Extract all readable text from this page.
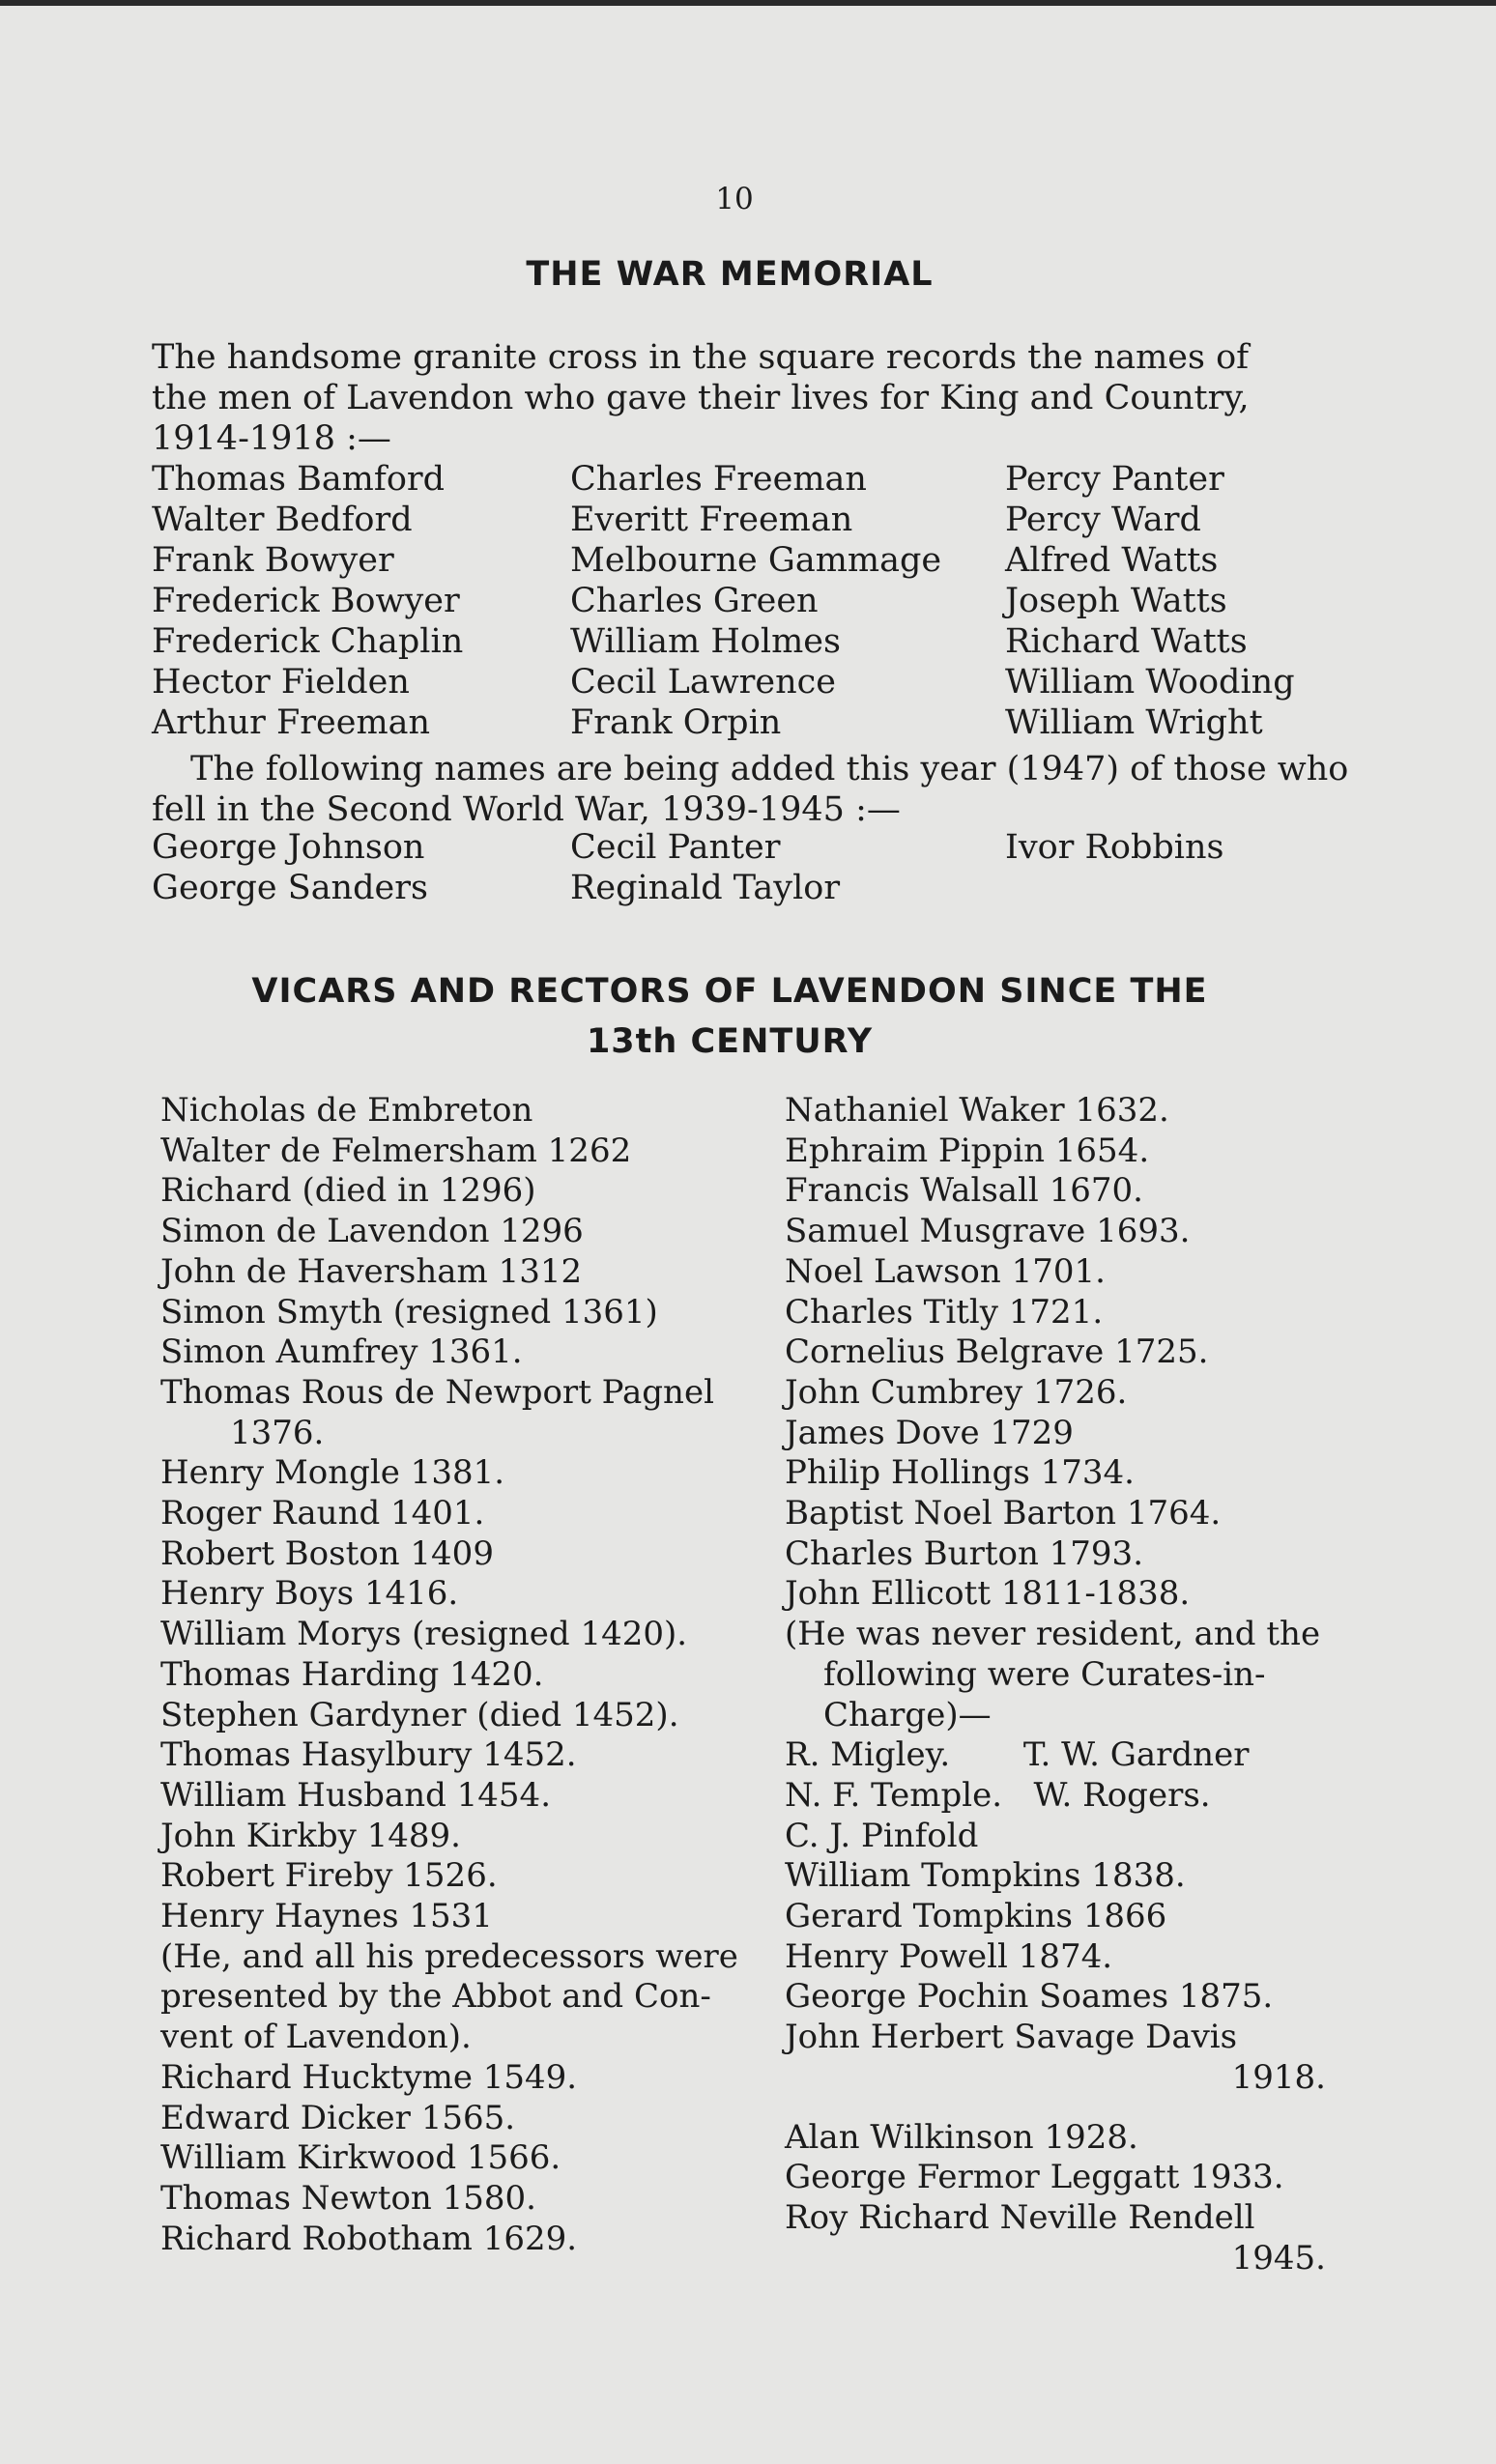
10
THE WAR MEMORIAL
The handsome granite cross in the square records the names of
the men of Lavendon who gave their lives for King and Country,
1914-1918 :—
Thomas Bamford
Walter Bedford
Frank Bowyer
Frederick Bowyer
Frederick Chaplin
Hector Fielden
Arthur Freeman
Charles Freeman
Everitt Freeman
Melbourne Gammage
Charles Green
William Holmes
Cecil Lawrence
Frank Orpin
Percy Panter
Percy Ward
Alfred Watts
Joseph Watts
Richard Watts
William Wooding
William Wright
The following names are being added this year (1947) of those who
fell in the Second World War, 1939-1945 :—
George Johnson
George Sanders
Cecil Panter
Reginald Taylor
Ivor Robbins
VICARS AND RECTORS OF LAVENDON SINCE THE
13th CENTURY
Nicholas de Embreton
Walter de Felmersham 1262
Richard (died in 1296)
Simon de Lavendon 1296
John de Haversham 1312
Simon Smyth (resigned 1361)
Simon Aumfrey 1361.
Thomas Rous de Newport Pagnel
1376.
Henry Mongle 1381.
Roger Raund 1401.
Robert Boston 1409
Henry Boys 1416.
William Morys (resigned 1420).
Thomas Harding 1420.
Stephen Gardyner (died 1452).
Thomas Hasylbury 1452.
William Husband 1454.
John Kirkby 1489.
Robert Fireby 1526.
Henry Haynes 1531
(He, and all his predecessors were
presented by the Abbot and Con-
vent of Lavendon).
Richard Hucktyme 1549.
Edward Dicker 1565.
William Kirkwood 1566.
Thomas Newton 1580.
Richard Robotham 1629.
Nathaniel Waker 1632.
Ephraim Pippin 1654.
Francis Walsall 1670.
Samuel Musgrave 1693.
Noel Lawson 1701.
Charles Titly 1721.
Cornelius Belgrave 1725.
John Cumbrey 1726.
James Dove 1729
Philip Hollings 1734.
Baptist Noel Barton 1764.
Charles Burton 1793.
John Ellicott 1811-1838.
(He was never resident, and the
following were Curates-in-
Charge)—
R. Migley.       T. W. Gardner
N. F. Temple.   W. Rogers.
C. J. Pinfold
William Tompkins 1838.
Gerard Tompkins 1866
Henry Powell 1874.
George Pochin Soames 1875.
John Herbert Savage Davis
1918.
Alan Wilkinson 1928.
George Fermor Leggatt 1933.
Roy Richard Neville Rendell
1945.
